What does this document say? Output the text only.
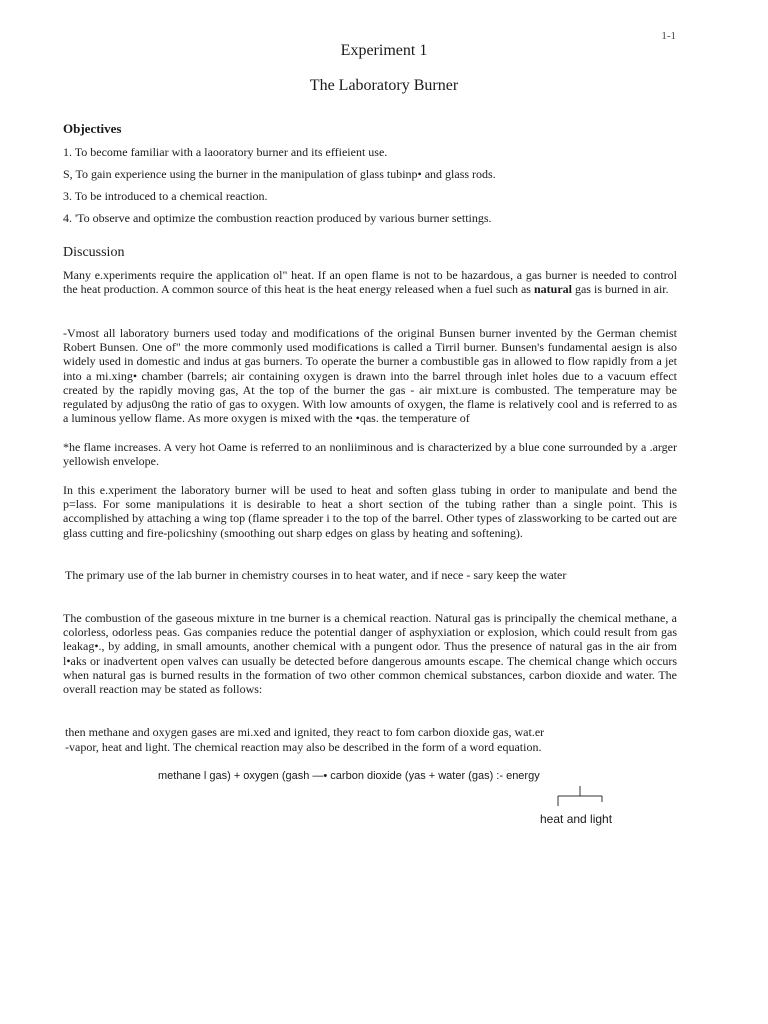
1-1
Experiment 1
The Laboratory Burner
Objectives
1. To become familiar with a laooratory burner and its effieient use.
S, To gain experience using the burner in the manipulation of glass tubinp• and glass rods.
3. To be introduced to a chemical reaction.
4. 'To observe and optimize the combustion reaction produced by various burner settings.
Discussion

Many e.xperiments require the application ol" heat. If an open flame is not to be hazardous, a gas burner is needed to control the heat production. A common source of this heat is the heat energy released when a fuel such as natural gas is burned in air.

-Vmost all laboratory burners used today and modifications of the original Bunsen burner invented by the German chemist Robert Bunsen. One of" the more commonly used modifications is called a Tirril burner. Bunsen's fundamental aesign is also widely used in domestic and indus at gas burners. To operate the burner a combustible gas in allowed to flow rapidly from a jet into a mi.xing• chamber (barrels; air containing oxygen is drawn into the barrel through inlet holes due to a vacuum effect created by the rapidly moving gas, At the top of the burner the gas - air mixt.ure is combusted. The temperature may be regulated by adjus0ng the ratio of gas to oxygen. With low amounts of oxygen, the flame is relatively cool and is referred to as a luminous yellow flame. As more oxygen is mixed with the •qas. the temperature of

*he flame increases. A very hot Oame is referred to an nonliiminous and is characterized by a blue cone surrounded by a .arger yellowish envelope.

In this e.xperiment the laboratory burner will be used to heat and soften glass tubing in order to manipulate and bend the p=lass. For some manipulations it is desirable to heat a short section of the tubing rather than a single point. This is accomplished by attaching a wing top (flame spreader i to the top of the barrel. Other types of zlassworking to be carted out are glass cutting and fire-policshiny (smoothing out sharp edges on glass by heating and softening).

The primary use of the lab burner in chemistry courses in to heat water, and if nece - sary keep the water

The combustion of the gaseous mixture in tne burner is a chemical reaction. Natural gas is principally the chemical methane, a colorless, odorless peas. Gas companies reduce the potential danger of asphyxiation or explosion, which could result from gas leakag•., by adding, in small amounts, another chemical with a pungent odor. Thus the presence of natural gas in the air from l•aks or inadvertent open valves can usually be detected before dangerous amounts escape. The chemical change which occurs when natural gas is burned results in the formation of two other common chemical substances, carbon dioxide and water. The overall reaction may be stated as follows:

then methane and oxygen gases are mi.xed and ignited, they react to fom carbon dioxide gas, wat.er
-vapor, heat and light. The chemical reaction may also be described in the form of a word equation.
methane l gas) + oxygen (gash —• carbon dioxide (yas + water (gas) :- energy
heat and light
